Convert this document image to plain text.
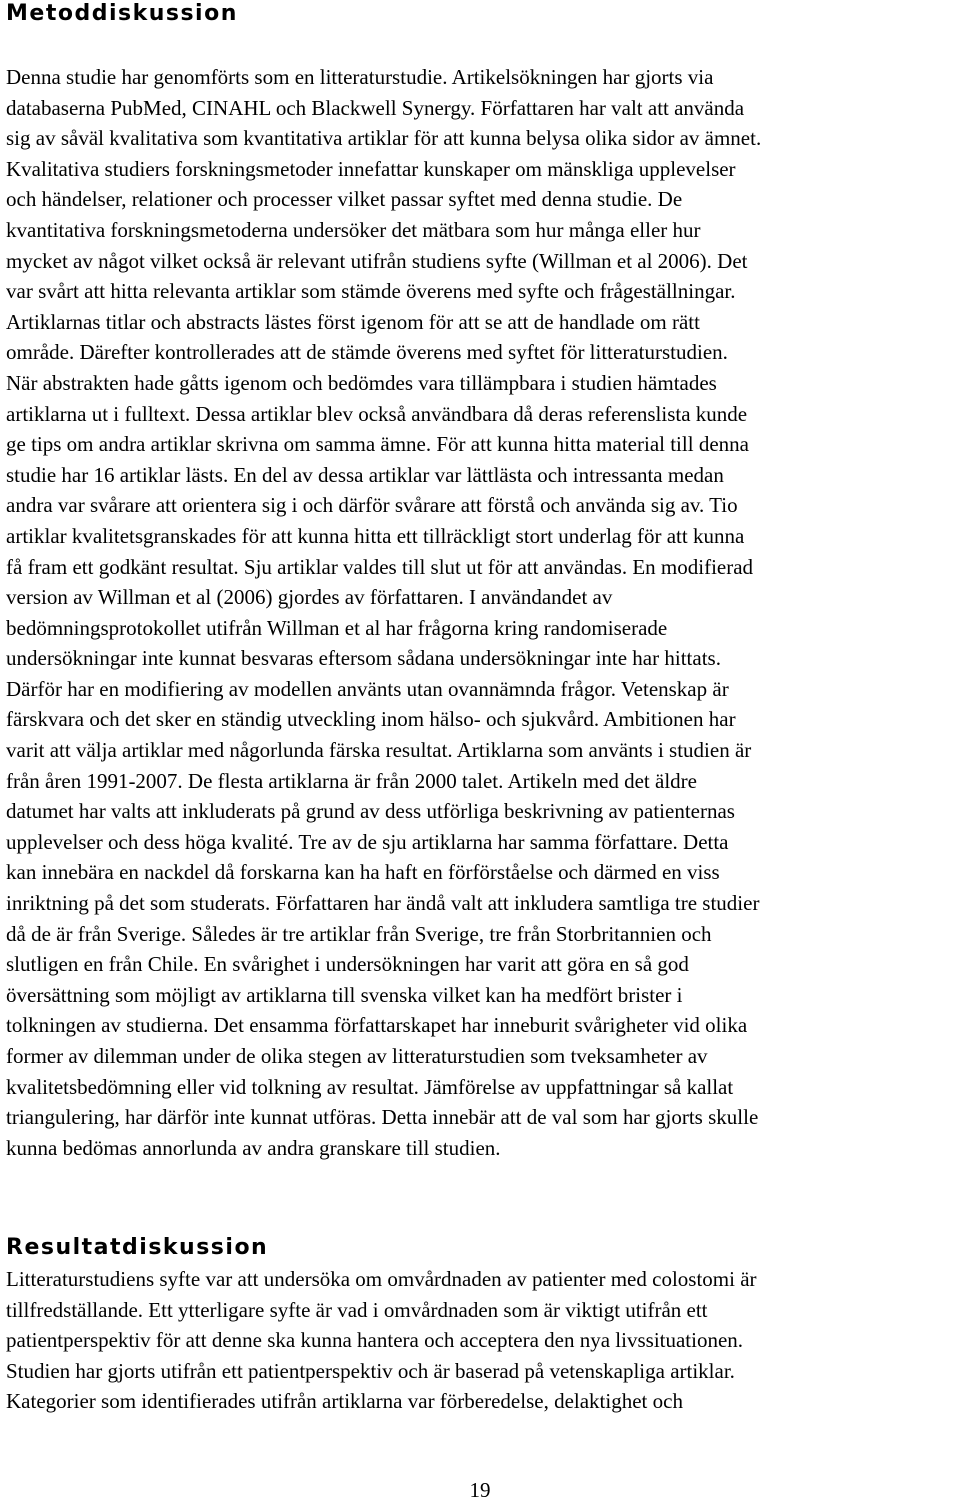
Metoddiskussion
Denna studie har genomförts som en litteraturstudie. Artikelsökningen har gjorts via
databaserna PubMed, CINAHL och Blackwell Synergy. Författaren har valt att använda
sig av såväl kvalitativa som kvantitativa artiklar för att kunna belysa olika sidor av ämnet.
Kvalitativa studiers forskningsmetoder innefattar kunskaper om mänskliga upplevelser
och händelser, relationer och processer vilket passar syftet med denna studie. De
kvantitativa forskningsmetoderna undersöker det mätbara som hur många eller hur
mycket av något vilket också är relevant utifrån studiens syfte (Willman et al 2006). Det
var svårt att hitta relevanta artiklar som stämde överens med syfte och frågeställningar.
Artiklarnas titlar och abstracts lästes först igenom för att se att de handlade om rätt
område. Därefter kontrollerades att de stämde överens med syftet för litteraturstudien.
När abstrakten hade gåtts igenom och bedömdes vara tillämpbara i studien hämtades
artiklarna ut i fulltext. Dessa artiklar blev också användbara då deras referenslista kunde
ge tips om andra artiklar skrivna om samma ämne. För att kunna hitta material till denna
studie har 16 artiklar lästs. En del av dessa artiklar var lättlästa och intressanta medan
andra var svårare att orientera sig i och därför svårare att förstå och använda sig av. Tio
artiklar kvalitetsgranskades för att kunna hitta ett tillräckligt stort underlag för att kunna
få fram ett godkänt resultat. Sju artiklar valdes till slut ut för att användas. En modifierad
version av Willman et al (2006) gjordes av författaren. I användandet av
bedömningsprotokollet utifrån Willman et al har frågorna kring randomiserade
undersökningar inte kunnat besvaras eftersom sådana undersökningar inte har hittats.
Därför har en modifiering av modellen använts utan ovannämnda frågor. Vetenskap är
färskvara och det sker en ständig utveckling inom hälso- och sjukvård. Ambitionen har
varit att välja artiklar med någorlunda färska resultat. Artiklarna som använts i studien är
från åren 1991-2007. De flesta artiklarna är från 2000 talet. Artikeln med det äldre
datumet har valts att inkluderats på grund av dess utförliga beskrivning av patienternas
upplevelser och dess höga kvalité. Tre av de sju artiklarna har samma författare. Detta
kan innebära en nackdel då forskarna kan ha haft en förförståelse och därmed en viss
inriktning på det som studerats. Författaren har ändå valt att inkludera samtliga tre studier
då de är från Sverige. Således är tre artiklar från Sverige, tre från Storbritannien och
slutligen en från Chile. En svårighet i undersökningen har varit att göra en så god
översättning som möjligt av artiklarna till svenska vilket kan ha medfört brister i
tolkningen av studierna. Det ensamma författarskapet har inneburit svårigheter vid olika
former av dilemman under de olika stegen av litteraturstudien som tveksamheter av
kvalitetsbedömning eller vid tolkning av resultat. Jämförelse av uppfattningar så kallat
triangulering, har därför inte kunnat utföras. Detta innebär att de val som har gjorts skulle
kunna bedömas annorlunda av andra granskare till studien.
Resultatdiskussion
Litteraturstudiens syfte var att undersöka om omvårdnaden av patienter med colostomi är
tillfredställande. Ett ytterligare syfte är vad i omvårdnaden som är viktigt utifrån ett
patientperspektiv för att denne ska kunna hantera och acceptera den nya livssituationen.
Studien har gjorts utifrån ett patientperspektiv och är baserad på vetenskapliga artiklar.
Kategorier som identifierades utifrån artiklarna var förberedelse, delaktighet och
19
